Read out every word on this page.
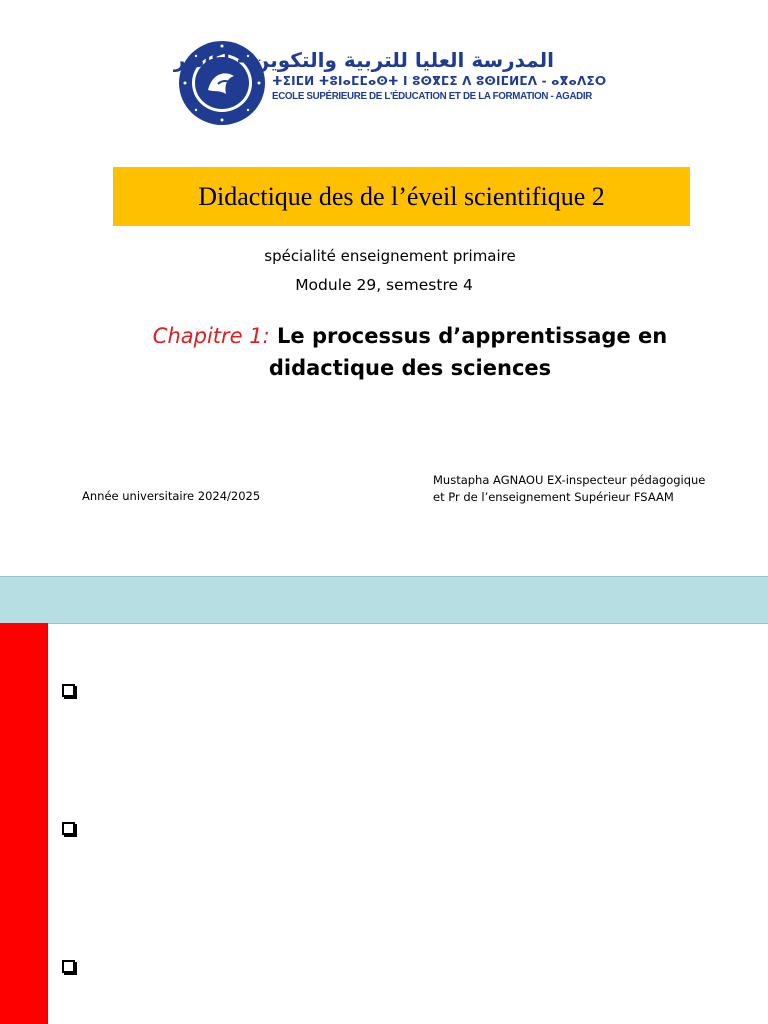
المدرسة العليا للتربية والتكوين - اكادير
ⵜⵉⵏⵎⵍ ⵜⵓⵏⴰⵎⵎⴰⵙⵜ ⵏ ⵓⵙⴳⵎⵉ ⴷ ⵓⵙⵏⵎⵍⵎⴷ - ⴰⴳⴰⴷⵉⵔ
ECOLE SUPÉRIEURE DE L'ÉDUCATION ET DE LA FORMATION - AGADIR
Didactique des de l’éveil scientifique 2
spécialité enseignement primaire
Module 29, semestre 4
Chapitre 1: Le processus d’apprentissage en didactique des sciences
Mustapha AGNAOU EX-inspecteur pédagogique
et Pr de l’enseignement Supérieur FSAAM
Année universitaire 2024/2025
